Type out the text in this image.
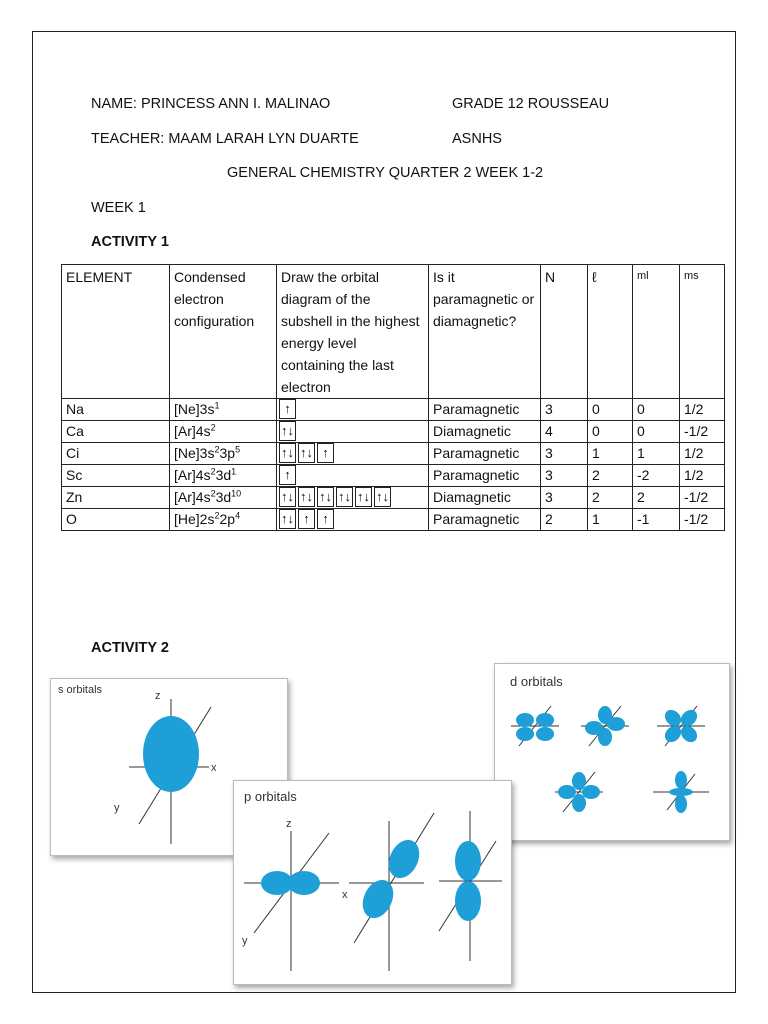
NAME: PRINCESS ANN I. MALINAO	GRADE 12 ROUSSEAU
TEACHER: MAAM LARAH LYN DUARTE	ASNHS
GENERAL CHEMISTRY QUARTER 2 WEEK 1-2
WEEK 1
ACTIVITY 1
ELEMENT	Condensed electron configuration	Draw the orbital diagram of the subshell in the highest energy level containing the last electron	Is it paramagnetic or diamagnetic?	N	ℓ	ml	ms
Na	$[Ne]3s^1$	↑	Paramagnetic	3	0	0	1/2
Ca	$[Ar]4s^2$	↑↓	Diamagnetic	4	0	0	-1/2
Ci	$[Ne]3s^23p^5$	↑↓ ↑↓ ↑	Paramagnetic	3	1	1	1/2
Sc	$[Ar]4s^23d^1$	↑	Paramagnetic	3	2	-2	1/2
Zn	$[Ar]4s^23d^{10}$	↑↓ ↑↓ ↑↓ ↑↓ ↑↓ ↑↓	Diamagnetic	3	2	2	-1/2
O	$[He]2s^22p^4$	↑↓ ↑ ↑	Paramagnetic	2	1	-1	-1/2
ACTIVITY 2
s orbitals	z
x
y
d orbitals
p orbitals
z
x
y
